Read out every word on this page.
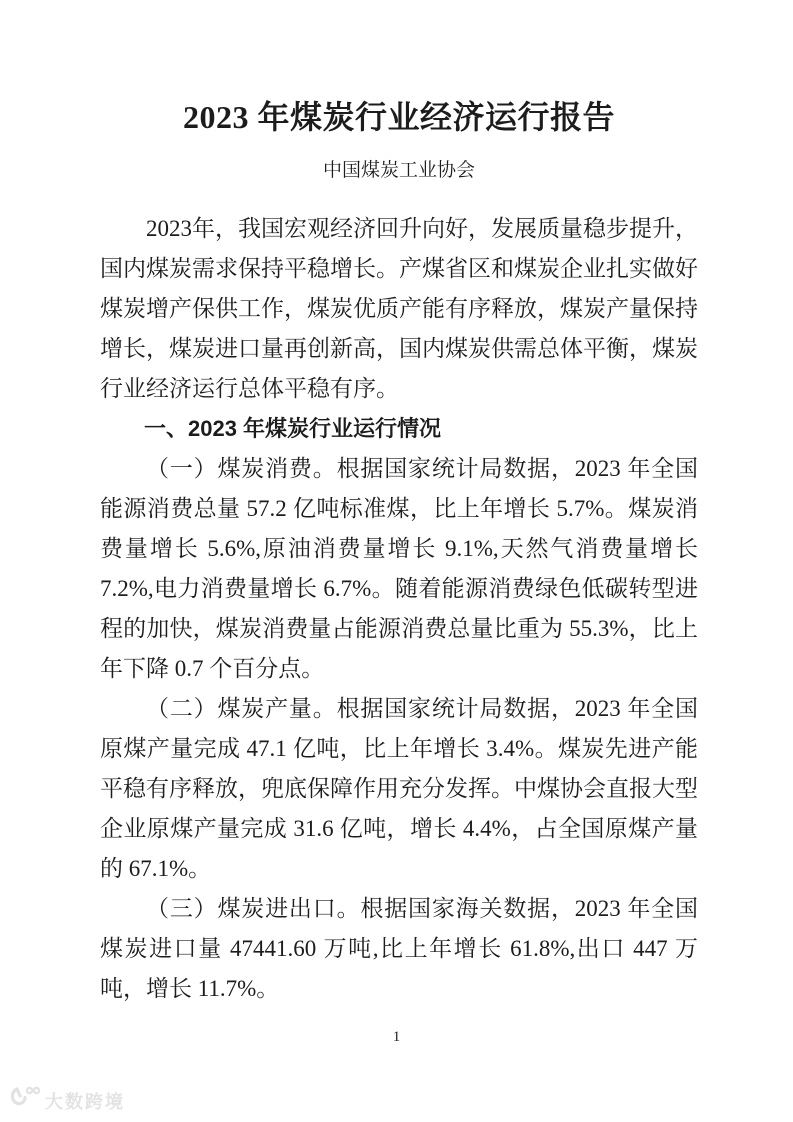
2023 年煤炭行业经济运行报告
中国煤炭工业协会

2023年，我国宏观经济回升向好，发展质量稳步提升，国内煤炭需求保持平稳增长。产煤省区和煤炭企业扎实做好煤炭增产保供工作，煤炭优质产能有序释放，煤炭产量保持增长，煤炭进口量再创新高，国内煤炭供需总体平衡，煤炭行业经济运行总体平稳有序。

一、2023 年煤炭行业运行情况

（一）煤炭消费。根据国家统计局数据，2023 年全国能源消费总量 57.2 亿吨标准煤，比上年增长 5.7%。煤炭消费量增长 5.6%,原油消费量增长 9.1%,天然气消费量增长 7.2%,电力消费量增长 6.7%。随着能源消费绿色低碳转型进程的加快，煤炭消费量占能源消费总量比重为 55.3%，比上年下降 0.7 个百分点。

（二）煤炭产量。根据国家统计局数据，2023 年全国原煤产量完成 47.1 亿吨，比上年增长 3.4%。煤炭先进产能平稳有序释放，兜底保障作用充分发挥。中煤协会直报大型企业原煤产量完成 31.6 亿吨，增长 4.4%，占全国原煤产量的 67.1%。

（三）煤炭进出口。根据国家海关数据，2023 年全国煤炭进口量 47441.60 万吨,比上年增长 61.8%,出口 447 万吨，增长 11.7%。

1
大数跨境
